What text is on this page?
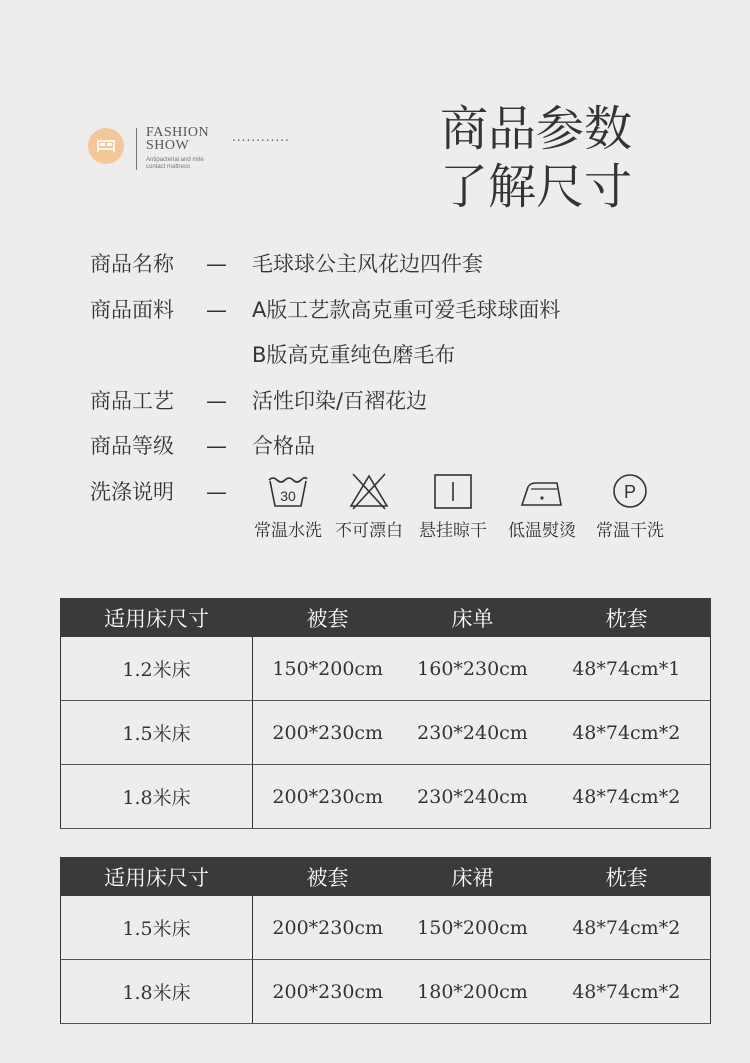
FASHION
SHOW
Antipacterial and mite
contact mattress
............	商品参数
了解尺寸
商品名称 — 毛球球公主风花边四件套
商品面料 — A版工艺款高克重可爱毛球球面料
B版高克重纯色磨毛布
商品工艺 — 活性印染/百褶花边
商品等级 — 合格品
洗涤说明 —	30
常温水洗 不可漂白 悬挂晾干	低温熨烫
P
常温干洗
适用床尺寸	被套	床单	枕套
1.2米床	150*200cm	160*230cm	48*74cm*1
1.5米床	200*230cm	230*240cm	48*74cm*2
1.8米床	200*230cm	230*240cm	48*74cm*2
适用床尺寸	被套	床裙	枕套
1.5米床	200*230cm	150*200cm	48*74cm*2
1.8米床	200*230cm	180*200cm	48*74cm*2
